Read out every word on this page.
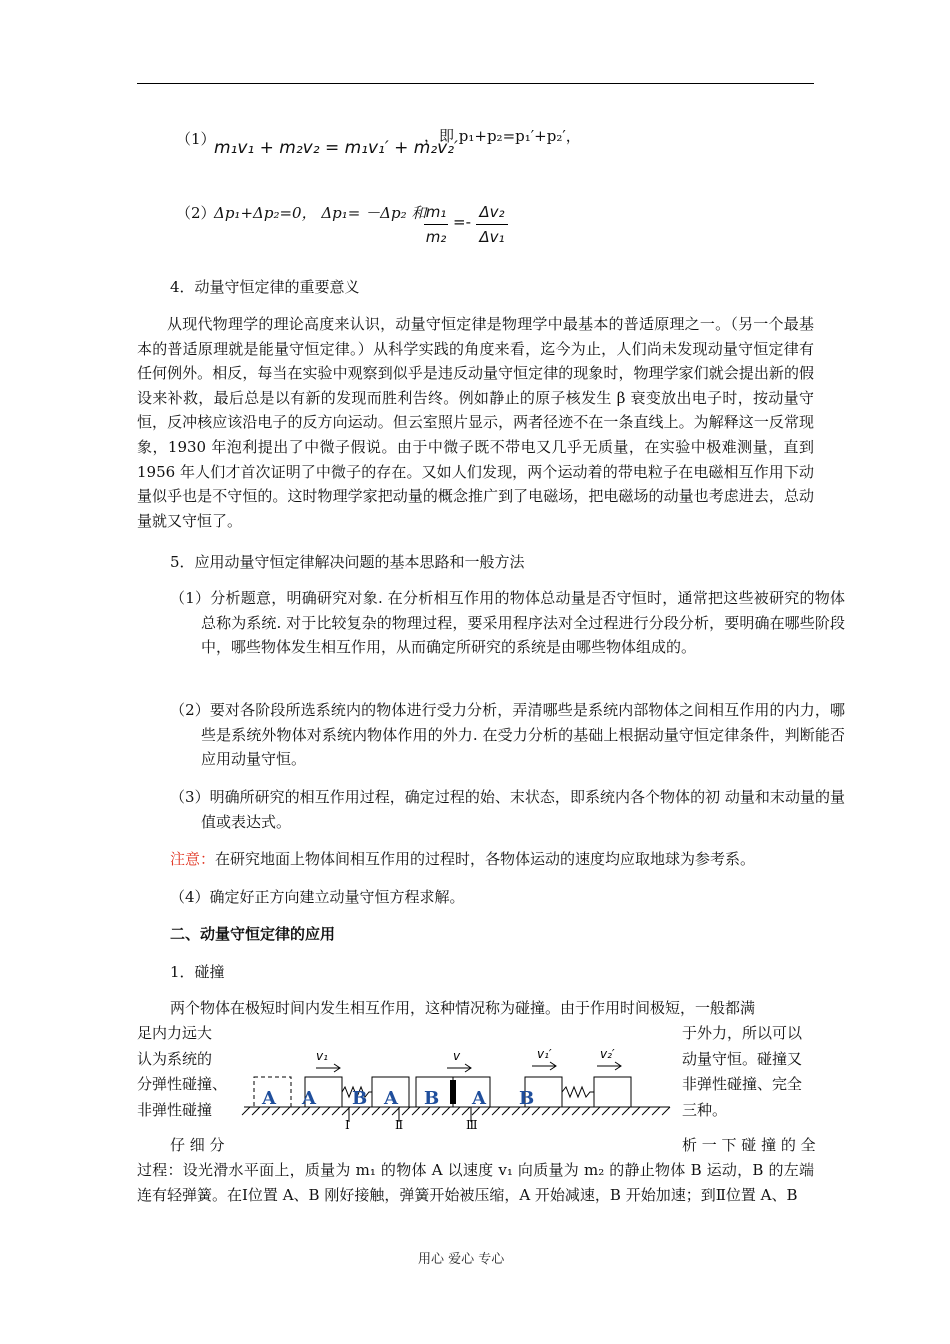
（1）
m₁v₁ + m₂v₂ = m₁v₁′ + m₂v₂′
，即 p₁+p₂=p₁′+p₂′，
（2）
Δp₁+Δp₂=0， Δp₁= －Δp₂ 和 m₁
m₂
=-
Δv₂
Δv₁
4．动量守恒定律的重要意义
从现代物理学的理论高度来认识，动量守恒定律是物理学中最基本的普适原理之一。（另一个最基本的普适原理就是能量守恒定律。）从科学实践的角度来看，迄今为止，人们尚未发现动量守恒定律有任何例外。相反，每当在实验中观察到似乎是违反动量守恒定律的现象时，物理学家们就会提出新的假设来补救，最后总是以有新的发现而胜利告终。例如静止的原子核发生 β 衰变放出电子时，按动量守恒，反冲核应该沿电子的反方向运动。但云室照片显示，两者径迹不在一条直线上。为解释这一反常现象，1930 年泡利提出了中微子假说。由于中微子既不带电又几乎无质量，在实验中极难测量，直到 1956 年人们才首次证明了中微子的存在。又如人们发现，两个运动着的带电粒子在电磁相互作用下动量似乎也是不守恒的。这时物理学家把动量的概念推广到了电磁场，把电磁场的动量也考虑进去，总动量就又守恒了。
5．应用动量守恒定律解决问题的基本思路和一般方法
（1）分析题意，明确研究对象. 在分析相互作用的物体总动量是否守恒时，通常把这些被研究的物体总称为系统. 对于比较复杂的物理过程，要采用程序法对全过程进行分段分析，要明确在哪些阶段中，哪些物体发生相互作用，从而确定所研究的系统是由哪些物体组成的。
（2）要对各阶段所选系统内的物体进行受力分析，弄清哪些是系统内部物体之间相互作用的内力，哪些是系统外物体对系统内物体作用的外力. 在受力分析的基础上根据动量守恒定律条件，判断能否应用动量守恒。
（3）明确所研究的相互作用过程，确定过程的始、末状态，即系统内各个物体的初 动量和末动量的量值或表达式。
注意：在研究地面上物体间相互作用的过程时，各物体运动的速度均应取地球为参考系。
（4）确定好正方向建立动量守恒方程求解。
二、动量守恒定律的应用
1．碰撞
两个物体在极短时间内发生相互作用，这种情况称为碰撞。由于作用时间极短，一般都满
足内力远大
认为系统的
分弹性碰撞、
非弹性碰撞
于外力，所以可以
动量守恒。碰撞又
非弹性碰撞、完全
三种。
v₁	v	v₁′	v₂′
A A B A B A B
Ⅰ	Ⅱ	Ⅲ
仔 细 分	析 一 下 碰 撞 的 全
过程：设光滑水平面上，质量为 m₁ 的物体 A 以速度 v₁ 向质量为 m₂ 的静止物体 B 运动，B 的左端连有轻弹簧。在Ⅰ位置 A、B 刚好接触，弹簧开始被压缩，A 开始减速，B 开始加速；到Ⅱ位置 A、B
用心 爱心 专心
